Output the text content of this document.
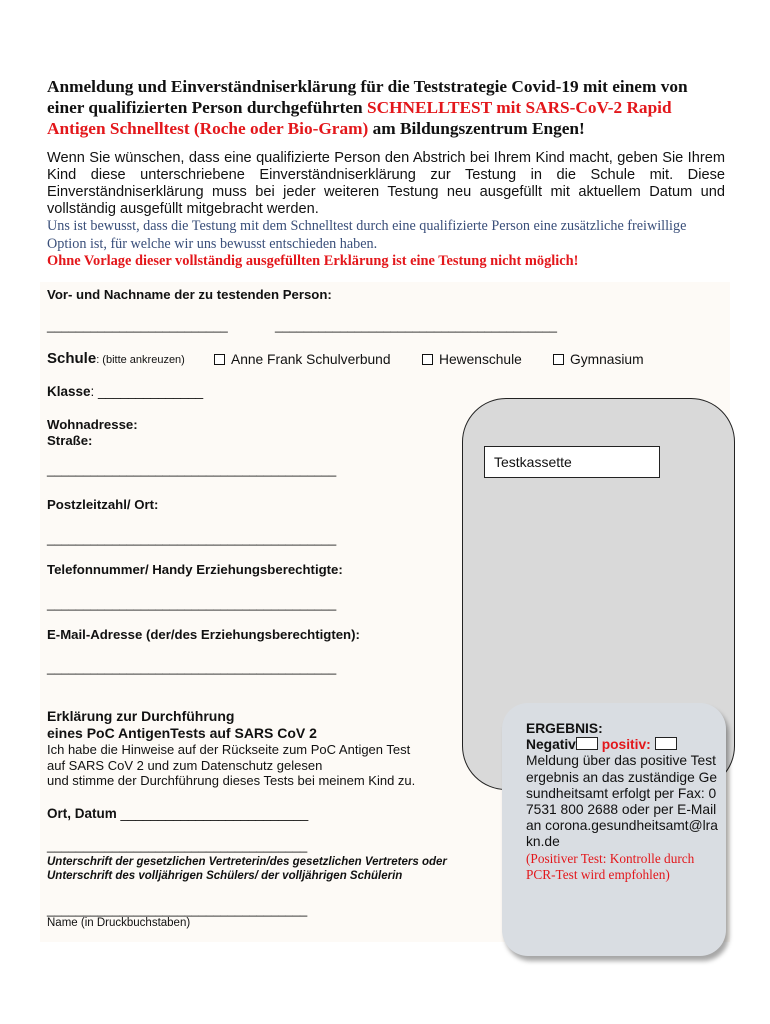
Anmeldung und Einverständniserklärung für die Teststrategie Covid-19 mit einem von einer qualifizierten Person durchgeführten SCHNELLTEST mit SARS-CoV-2 Rapid Antigen Schnelltest (Roche oder Bio-Gram) am Bildungszentrum Engen!
Wenn Sie wünschen, dass eine qualifizierte Person den Abstrich bei Ihrem Kind macht, geben Sie Ihrem Kind diese unterschriebene Einverständniserklärung zur Testung in die Schule mit. Diese Einverständniserklärung muss bei jeder weiteren Testung neu ausgefüllt mit aktuellem Datum und vollständig ausgefüllt mitgebracht werden.
Uns ist bewusst, dass die Testung mit dem Schnelltest durch eine qualifizierte Person eine zusätzliche freiwillige Option ist, für welche wir uns bewusst entschieden haben.
Ohne Vorlage dieser vollständig ausgefüllten Erklärung ist eine Testung nicht möglich!
Vor- und Nachname der zu testenden Person:
_________________________	_______________________________________
Schule: (bitte ankreuzen)	Anne Frank Schulverbund	Hewenschule	Gymnasium
Klasse: ______________
Wohnadresse:
Straße:
________________________________________
Postzleitzahl/ Ort:
________________________________________
Telefonnummer/ Handy Erziehungsberechtigte:
________________________________________
E-Mail-Adresse (der/des Erziehungsberechtigten):
________________________________________
Testkassette
Erklärung zur Durchführung
eines PoC AntigenTests auf SARS CoV 2
Ich habe die Hinweise auf der Rückseite zum PoC Antigen Test
auf SARS CoV 2 und zum Datenschutz gelesen
und stimme der Durchführung dieses Tests bei meinem Kind zu.
Ort, Datum _________________________
____________________________________
Unterschrift der gesetzlichen Vertreterin/des gesetzlichen Vertreters oder
Unterschrift des volljährigen Schülers/ der volljährigen Schülerin
____________________________________
Name (in Druckbuchstaben)
ERGEBNIS:
Negativ positiv:
Meldung über das positive Testergebnis an das zuständige Gesundheitsamt erfolgt per Fax: 07531 800 2688 oder per E-Mail an corona.gesundheitsamt@lrakn.de
(Positiver Test: Kontrolle durch PCR-Test wird empfohlen)
